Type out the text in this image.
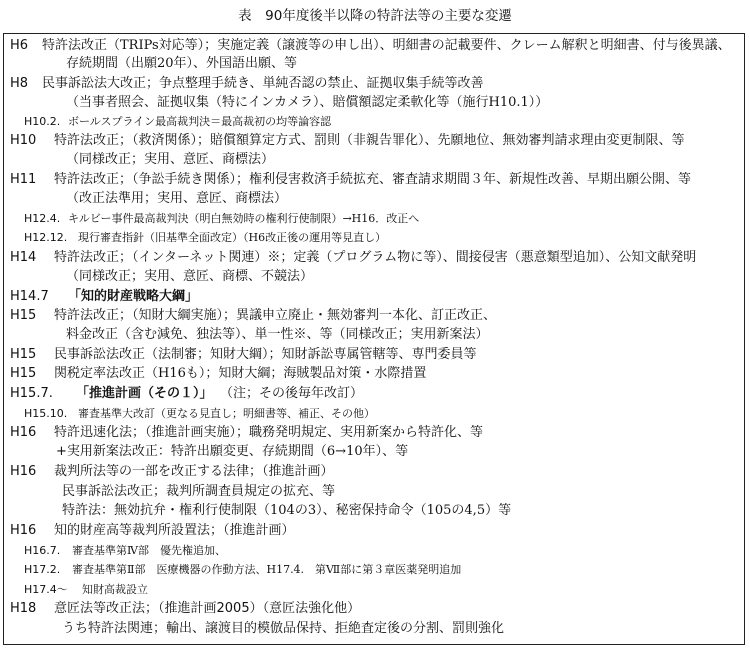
表　90年度後半以降の特許法等の主要な変遷
H6 特許法改正（TRIPs対応等）；実施定義（譲渡等の申し出）、明細書の記載要件、クレーム解釈と明細書、付与後異議、
存続期間（出願20年）、外国語出願、等
H8 民事訴訟法大改正；争点整理手続き、単純否認の禁止、証拠収集手続等改善
（当事者照会、証拠収集（特にインカメラ）、賠償額認定柔軟化等（施行H10.1））
H10.2. ボールスプライン最高裁判決＝最高裁初の均等論容認
H10 特許法改正；（救済関係）；賠償額算定方式、罰則（非親告罪化）、先願地位、無効審判請求理由変更制限、等
（同様改正；実用、意匠、商標法）
H11 特許法改正；（争訟手続き関係）；権利侵害救済手続拡充、審査請求期間３年、新規性改善、早期出願公開、等
（改正法準用；実用、意匠、商標法）
H12.4. キルビー事件最高裁判決（明白無効時の権利行使制限）→H16．改正へ
H12.12. 現行審査指針（旧基準全面改定）（H6改正後の運用等見直し）
H14 特許法改正；（インターネット関連）※；定義（プログラム物に等）、間接侵害（悪意類型追加）、公知文献発明
（同様改正；実用、意匠、商標、不競法）
H14.7 「知的財産戦略大綱」
H15 特許法改正；（知財大綱実施）；異議申立廃止・無効審判一本化、訂正改正、
料金改正（含む減免、独法等）、単一性※、等（同様改正；実用新案法）
H15 民事訴訟法改正（法制審；知財大綱）；知財訴訟専属管轄等、専門委員等
H15 関税定率法改正（H16も）；知財大綱；海賊製品対策・水際措置
H15.7. 「推進計画（その１）」 （注；その後毎年改訂）
H15.10. 審査基準大改訂（更なる見直し；明細書等、補正、その他）
H16 特許迅速化法；（推進計画実施）；職務発明規定、実用新案から特許化、等
+実用新案法改正：特許出願変更、存続期間（6→10年）、等
H16 裁判所法等の一部を改正する法律；（推進計画）
民事訴訟法改正；裁判所調査員規定の拡充、等
特許法：無効抗弁・権利行使制限（104の3）、秘密保持命令（105の4,5）等
H16 知的財産高等裁判所設置法；（推進計画）
H16.7. 審査基準第Ⅳ部　優先権追加、
H17.2. 審査基準第Ⅱ部　医療機器の作動方法、H17.4.　第Ⅶ部に第３章医薬発明追加
H17.4～ 知財高裁設立
H18 意匠法等改正法；（推進計画2005）（意匠法強化他）
うち特許法関連；輸出、譲渡目的模倣品保持、拒絶査定後の分割、罰則強化
